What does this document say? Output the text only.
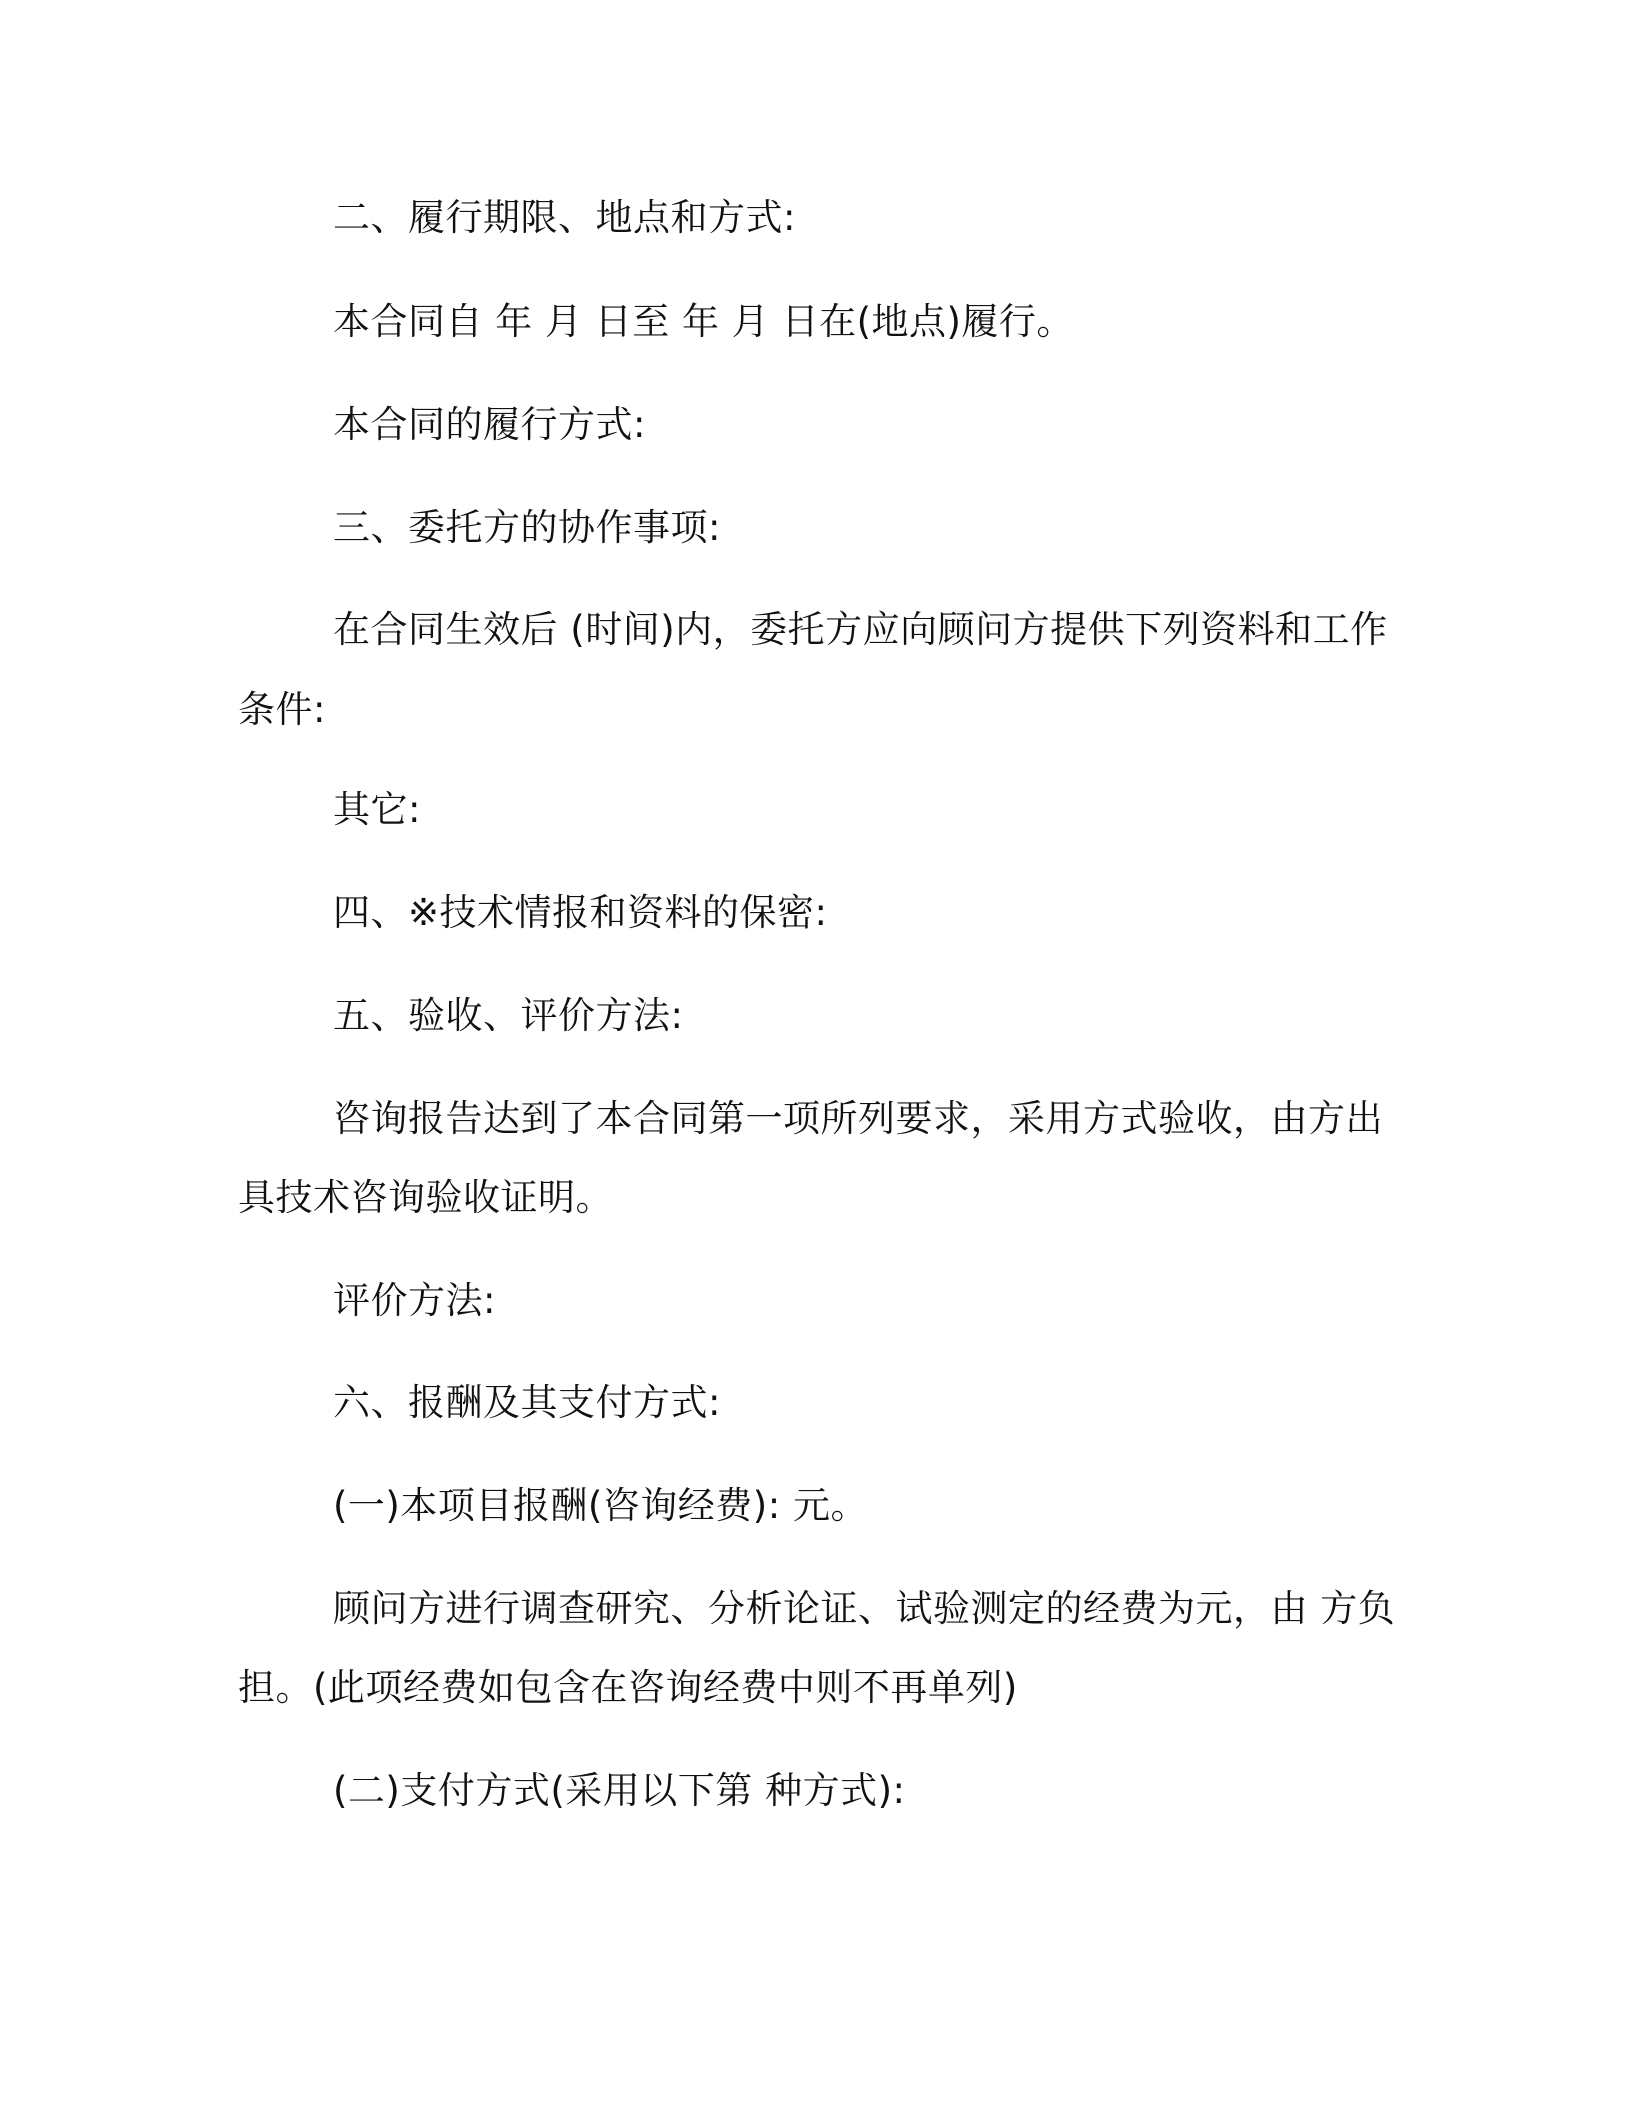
二、履行期限、地点和方式:
本合同自 年 月 日至 年 月 日在(地点)履行。
本合同的履行方式:
三、委托方的协作事项:
在合同生效后 (时间)内，委托方应向顾问方提供下列资料和工作
条件:
其它:
四、※技术情报和资料的保密:
五、验收、评价方法:
咨询报告达到了本合同第一项所列要求，采用方式验收，由方出
具技术咨询验收证明。
评价方法:
六、报酬及其支付方式:
(一)本项目报酬(咨询经费): 元。
顾问方进行调查研究、分析论证、试验测定的经费为元，由 方负
担。(此项经费如包含在咨询经费中则不再单列)
(二)支付方式(采用以下第 种方式):
